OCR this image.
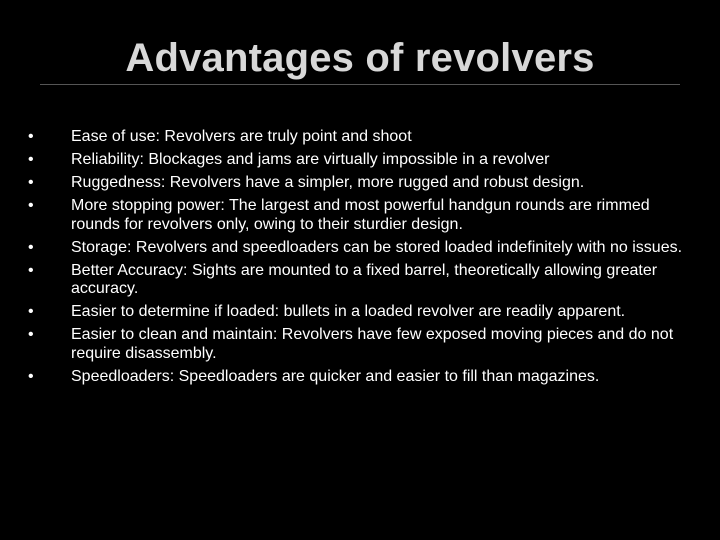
Advantages of revolvers
•	Ease of use: Revolvers are truly point and shoot
•	Reliability: Blockages and jams are virtually impossible in a revolver
•	Ruggedness: Revolvers have a simpler, more rugged and robust design.
•	More stopping power: The largest and most powerful handgun rounds are rimmed rounds for revolvers only, owing to their sturdier design.
•	Storage: Revolvers and speedloaders can be stored loaded indefinitely with no issues.
•	Better Accuracy: Sights are mounted to a fixed barrel, theoretically allowing greater accuracy.
•	Easier to determine if loaded: bullets in a loaded revolver are readily apparent.
•	Easier to clean and maintain: Revolvers have few exposed moving pieces and do not require disassembly.
•	Speedloaders: Speedloaders are quicker and easier to fill than magazines.
